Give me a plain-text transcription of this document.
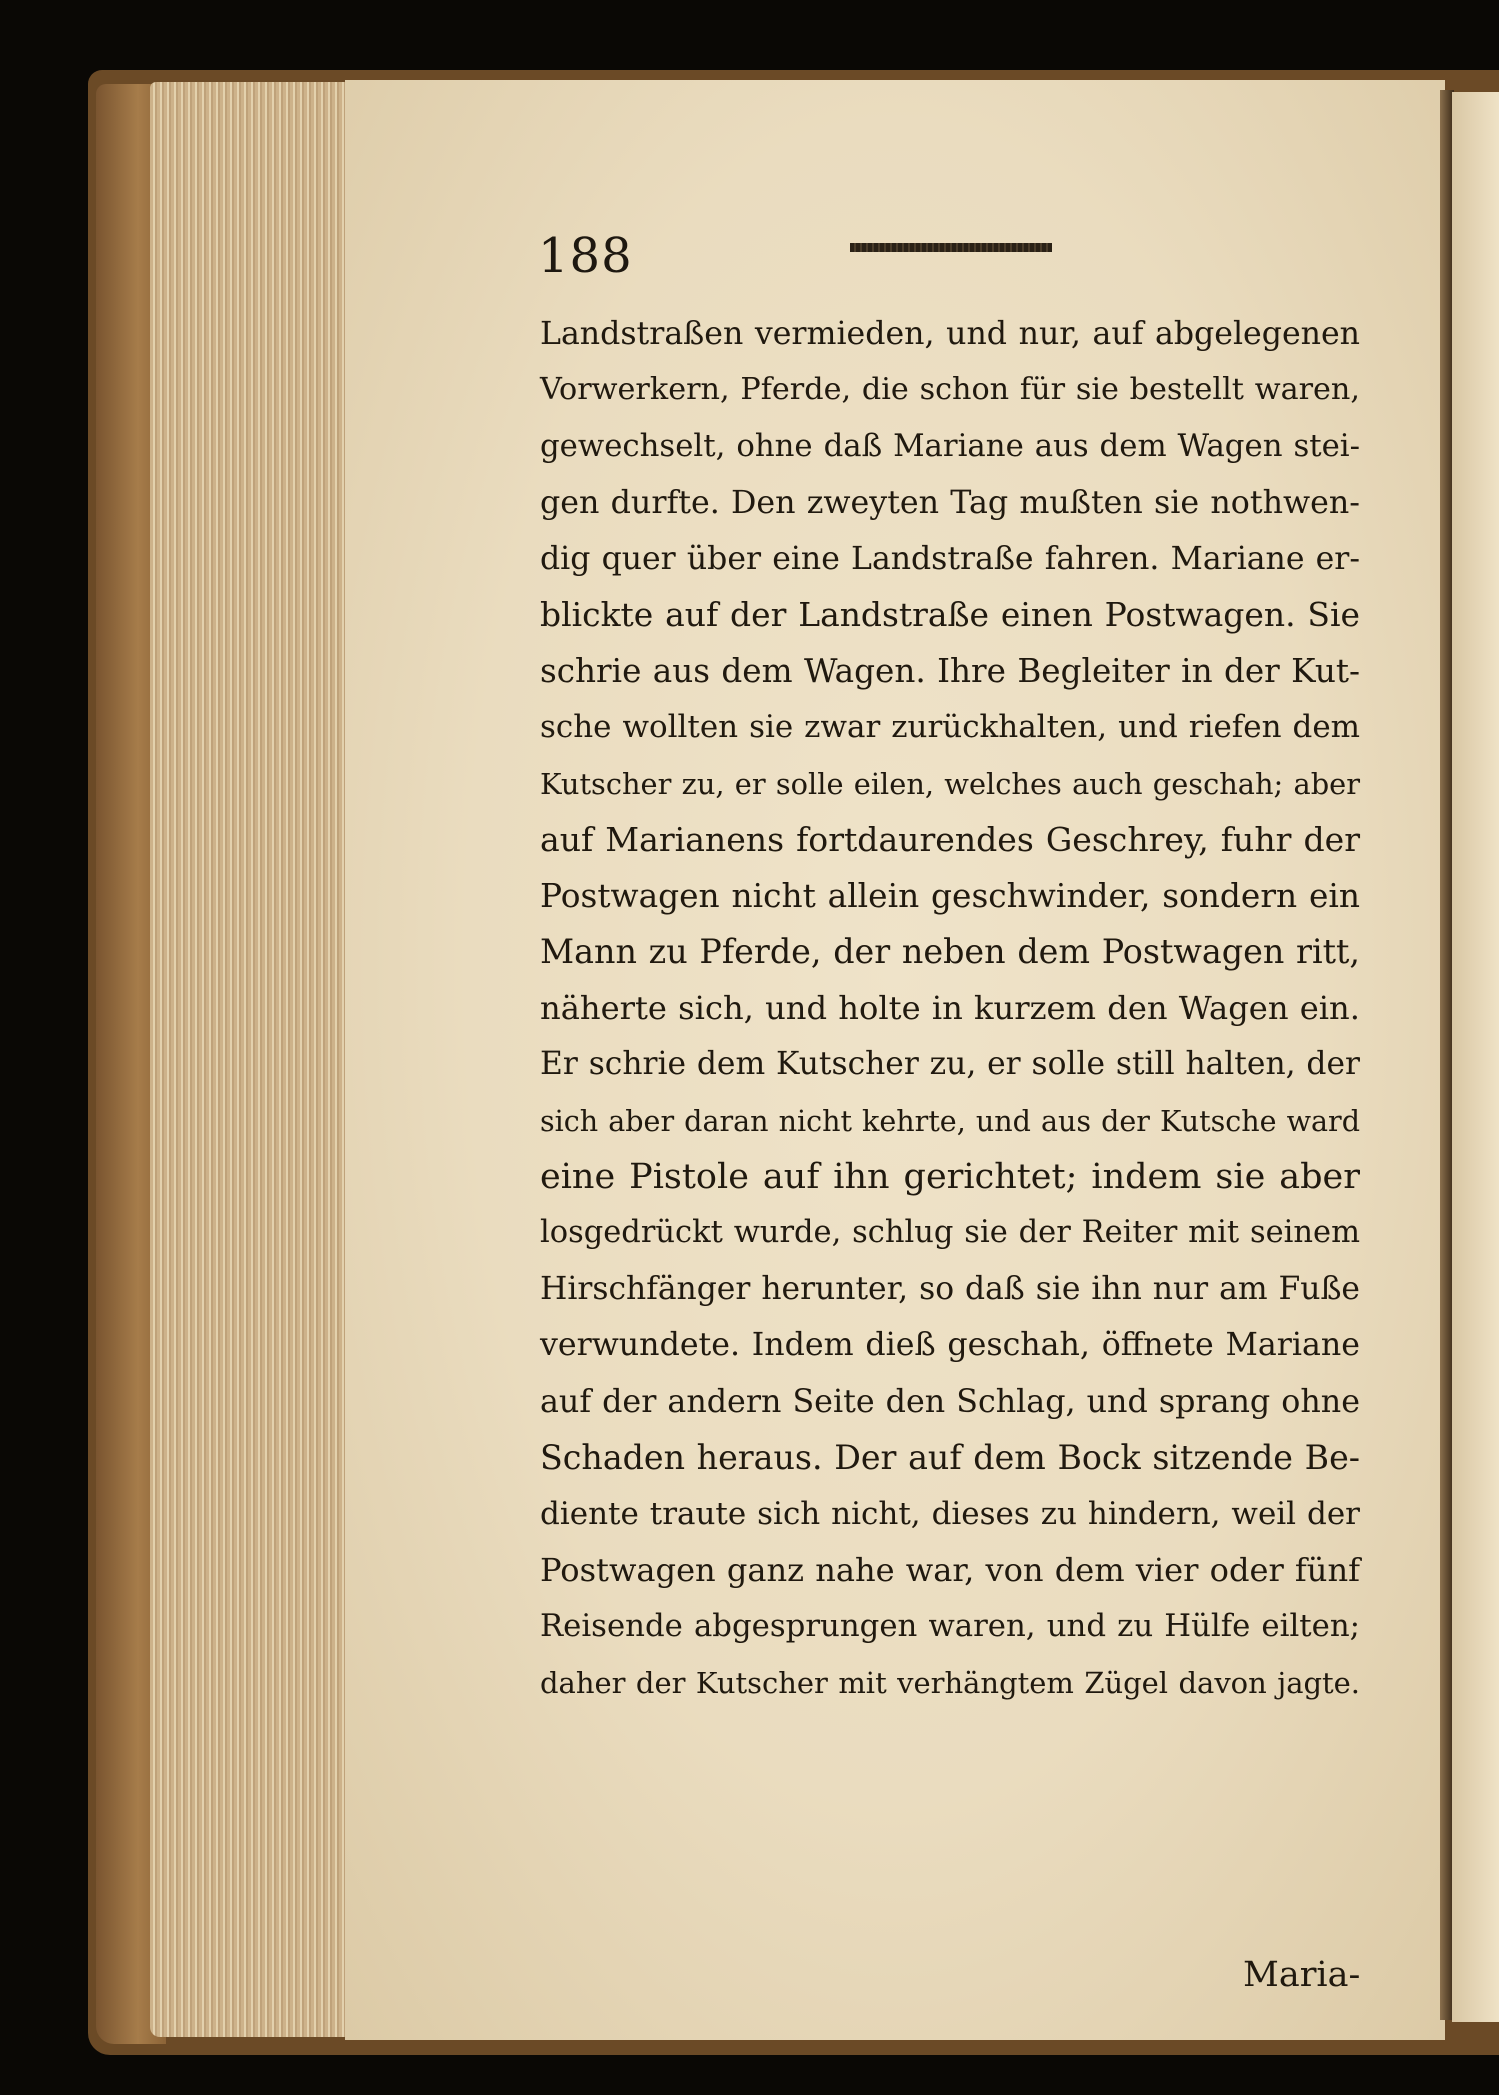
188
Landstraßen vermieden, und nur, auf abgelegenen
Vorwerkern, Pferde, die schon für sie bestellt waren,
gewechselt, ohne daß Mariane aus dem Wagen stei-
gen durfte. Den zweyten Tag mußten sie nothwen-
dig quer über eine Landstraße fahren. Mariane er-
blickte auf der Landstraße einen Postwagen. Sie
schrie aus dem Wagen. Ihre Begleiter in der Kut-
sche wollten sie zwar zurückhalten, und riefen dem
Kutscher zu, er solle eilen, welches auch geschah; aber
auf Marianens fortdaurendes Geschrey, fuhr der
Postwagen nicht allein geschwinder, sondern ein
Mann zu Pferde, der neben dem Postwagen ritt,
näherte sich, und holte in kurzem den Wagen ein.
Er schrie dem Kutscher zu, er solle still halten, der
sich aber daran nicht kehrte, und aus der Kutsche ward
eine Pistole auf ihn gerichtet; indem sie aber
losgedrückt wurde, schlug sie der Reiter mit seinem
Hirschfänger herunter, so daß sie ihn nur am Fuße
verwundete. Indem dieß geschah, öffnete Mariane
auf der andern Seite den Schlag, und sprang ohne
Schaden heraus. Der auf dem Bock sitzende Be-
diente traute sich nicht, dieses zu hindern, weil der
Postwagen ganz nahe war, von dem vier oder fünf
Reisende abgesprungen waren, und zu Hülfe eilten;
daher der Kutscher mit verhängtem Zügel davon jagte.
Maria-
